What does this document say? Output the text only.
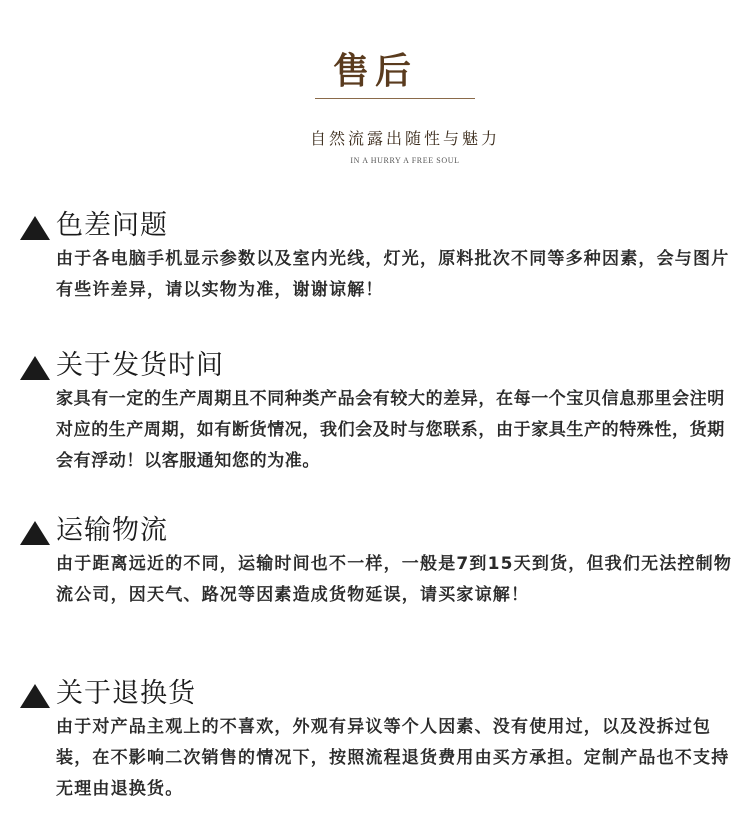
售后
自然流露出随性与魅力
IN A HURRY A FREE SOUL
色差问题
由于各电脑手机显示参数以及室内光线，灯光，原料批次不同等多种因素，会与图片有些许差异，请以实物为准，谢谢谅解！
关于发货时间
家具有一定的生产周期且不同种类产品会有较大的差异，在每一个宝贝信息那里会注明对应的生产周期，如有断货情况，我们会及时与您联系，由于家具生产的特殊性，货期会有浮动！以客服通知您的为准。
运输物流
由于距离远近的不同，运输时间也不一样，一般是7到15天到货，但我们无法控制物流公司，因天气、路况等因素造成货物延误，请买家谅解！
关于退换货
由于对产品主观上的不喜欢，外观有异议等个人因素、没有使用过，以及没拆过包装，在不影响二次销售的情况下，按照流程退货费用由买方承担。定制产品也不支持无理由退换货。
